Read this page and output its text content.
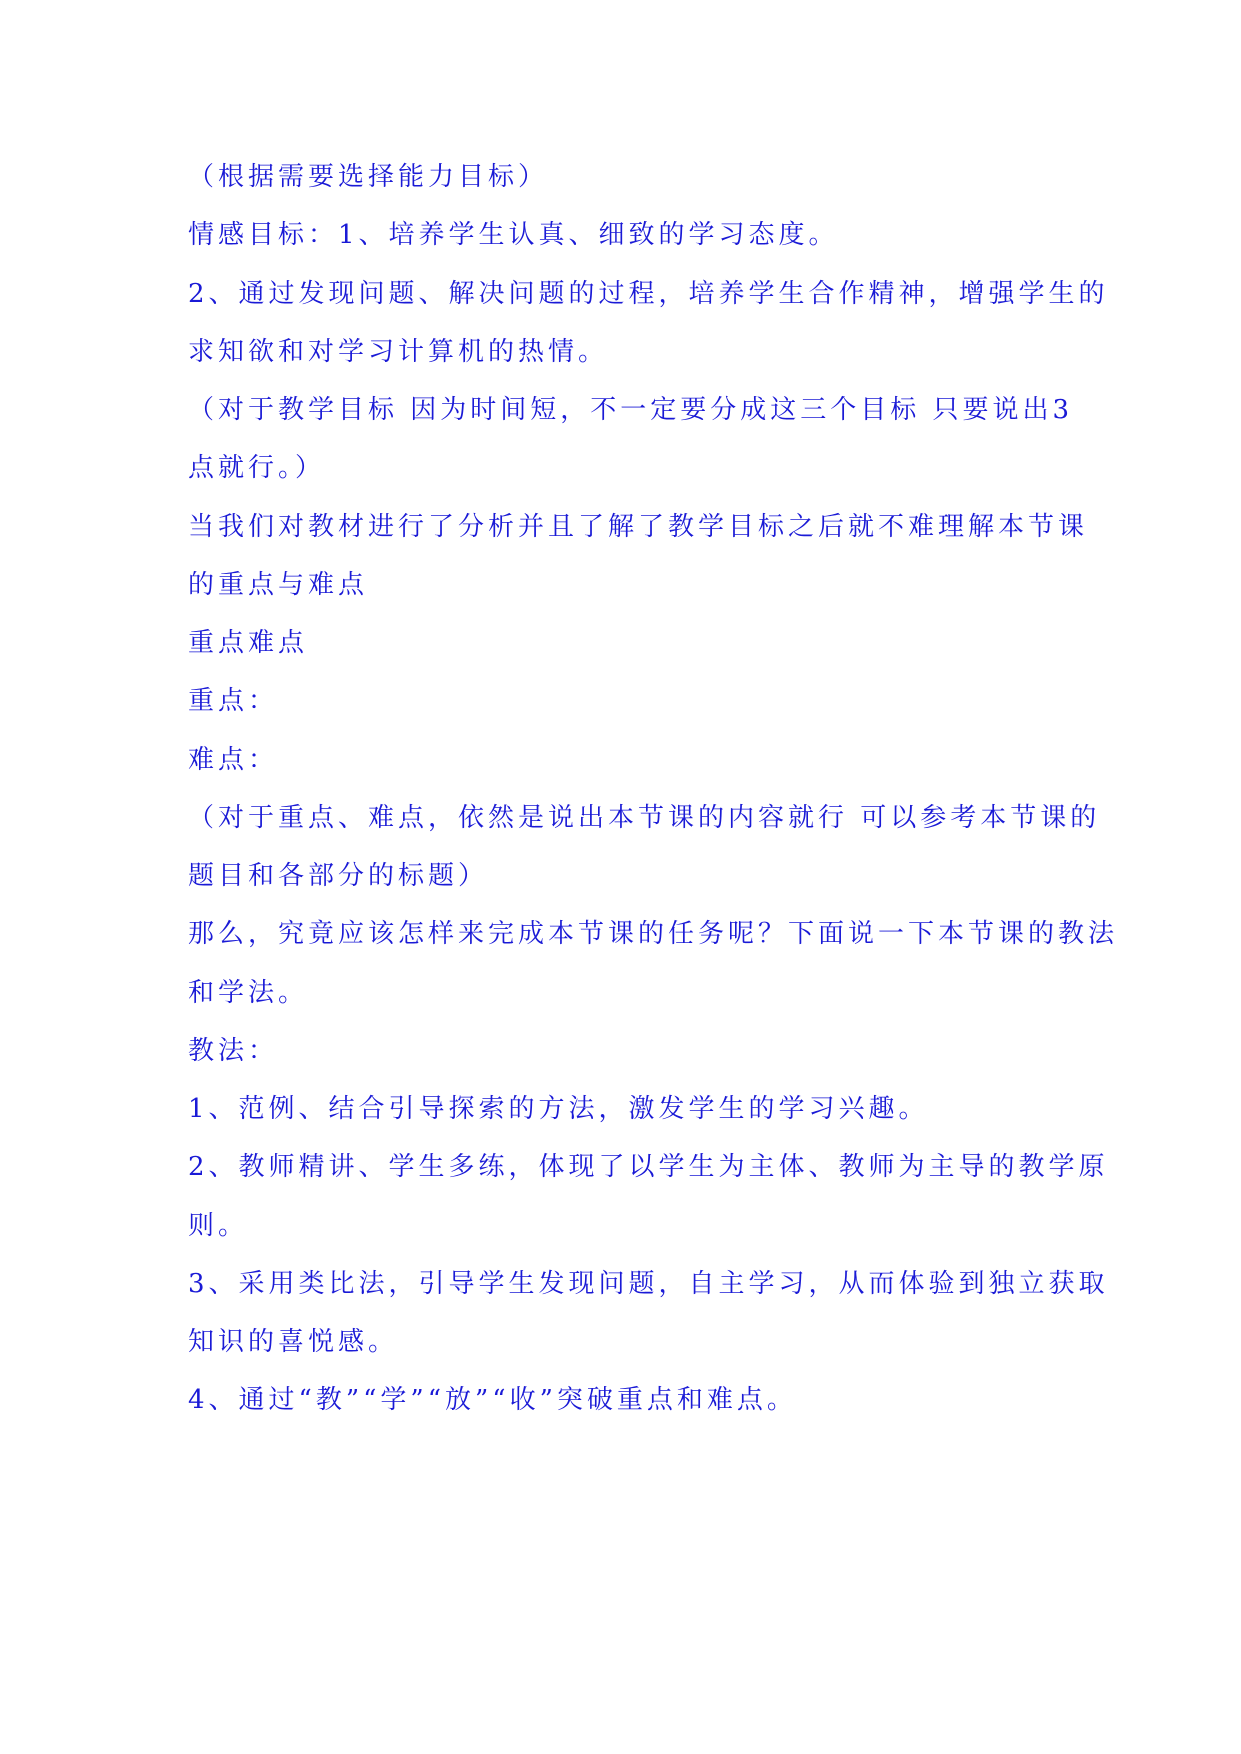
（根据需要选择能力目标）
情感目标：1、培养学生认真、细致的学习态度。
2、通过发现问题、解决问题的过程，培养学生合作精神，增强学生的
求知欲和对学习计算机的热情。
（对于教学目标 因为时间短，不一定要分成这三个目标 只要说出3
点就行。）
当我们对教材进行了分析并且了解了教学目标之后就不难理解本节课
的重点与难点
重点难点
重点：
难点：
（对于重点、难点，依然是说出本节课的内容就行 可以参考本节课的
题目和各部分的标题）
那么，究竟应该怎样来完成本节课的任务呢？下面说一下本节课的教法
和学法。
教法：
1、范例、结合引导探索的方法，激发学生的学习兴趣。
2、教师精讲、学生多练，体现了以学生为主体、教师为主导的教学原
则。
3、采用类比法，引导学生发现问题，自主学习，从而体验到独立获取
知识的喜悦感。
4、通过“教”“学”“放”“收”突破重点和难点。
